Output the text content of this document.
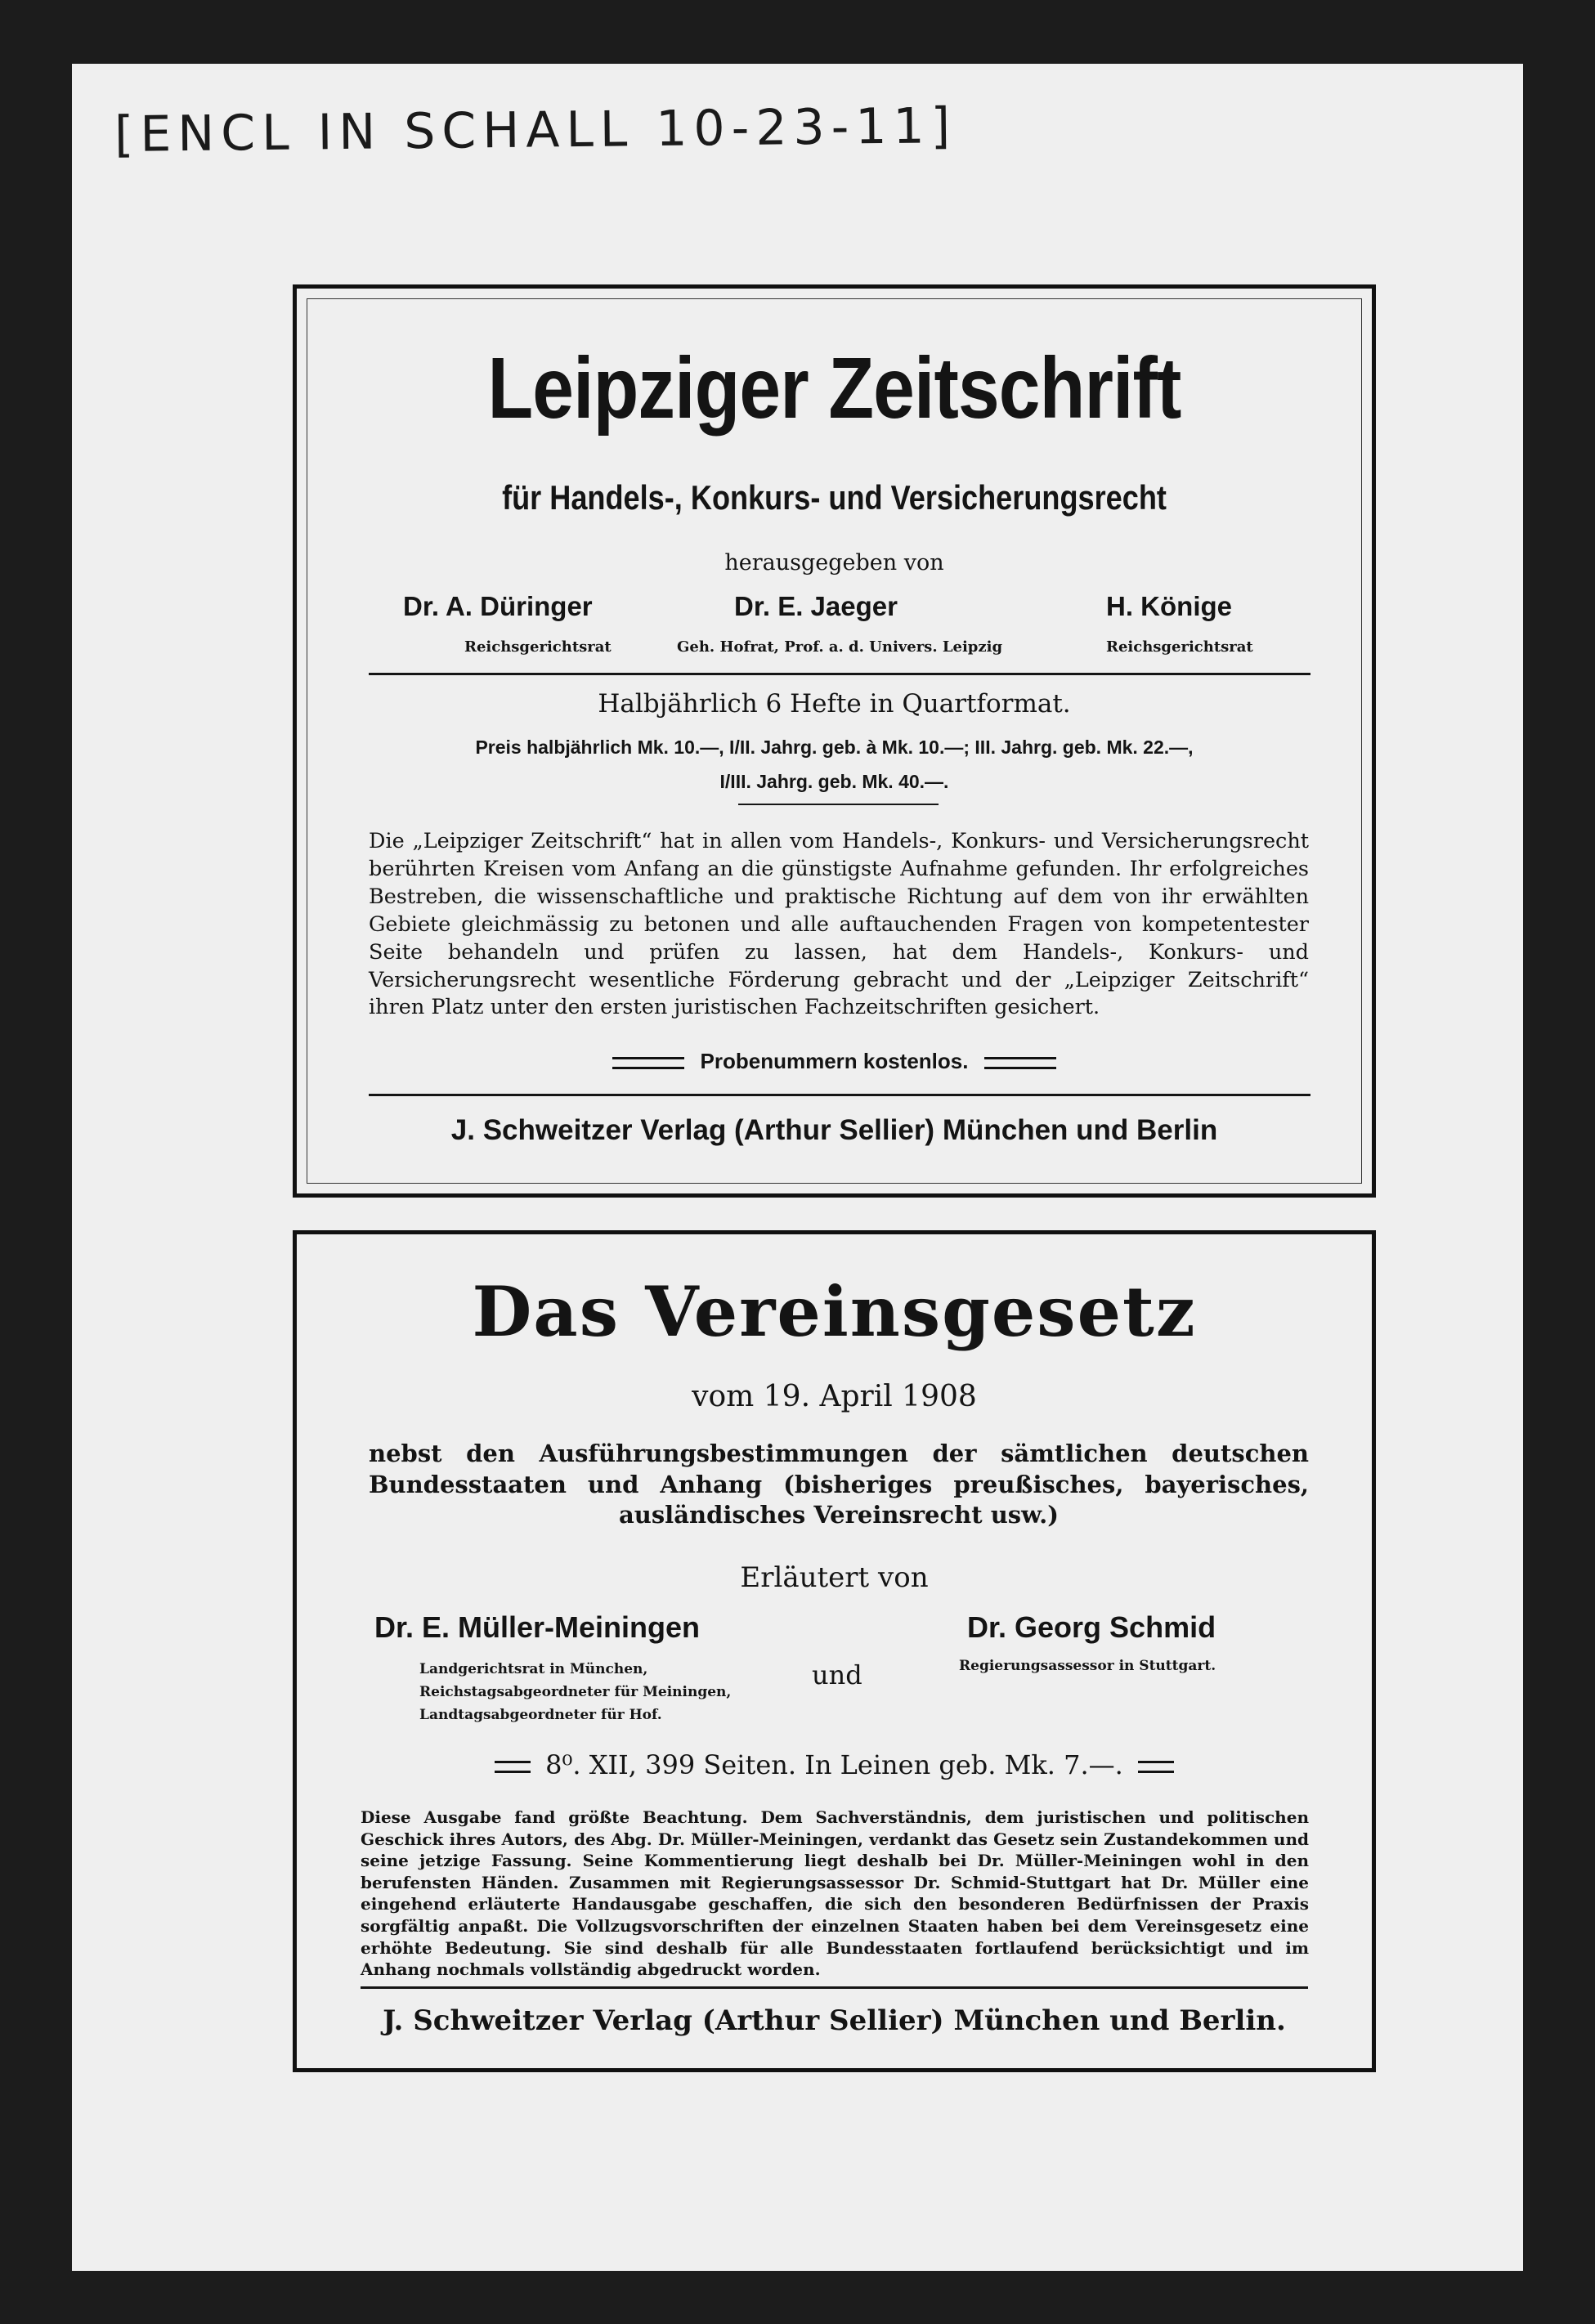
[ENCL IN SCHALL 10-23-11]
Leipziger Zeitschrift
für Handels-, Konkurs- und Versicherungsrecht
herausgegeben von
Dr. A. Düringer
Reichsgerichtsrat
Dr. E. Jaeger
Geh. Hofrat, Prof. a. d. Univers. Leipzig
H. Könige
Reichsgerichtsrat
Halbjährlich 6 Hefte in Quartformat.
Preis halbjährlich Mk. 10.—, I/II. Jahrg. geb. à Mk. 10.—; III. Jahrg. geb. Mk. 22.—,
I/III. Jahrg. geb. Mk. 40.—.
Die „Leipziger Zeitschrift“ hat in allen vom Handels-, Konkurs- und Versicherungsrecht berührten Kreisen vom Anfang an die günstigste Aufnahme gefunden. Ihr erfolgreiches Bestreben, die wissenschaftliche und praktische Richtung auf dem von ihr erwählten Gebiete gleichmässig zu betonen und alle auftauchenden Fragen von kompetentester Seite behandeln und prüfen zu lassen, hat dem Handels-, Konkurs- und Versicherungsrecht wesentliche Förderung gebracht und der „Leipziger Zeitschrift“ ihren Platz unter den ersten juristischen Fachzeitschriften gesichert.
Probenummern kostenlos.
J. Schweitzer Verlag (Arthur Sellier) München und Berlin
Das Vereinsgesetz
vom 19. April 1908
nebst den Ausführungsbestimmungen der sämtlichen deutschen Bundesstaaten und Anhang (bisheriges preußisches, bayerisches, ausländisches Vereinsrecht usw.)
Erläutert von
Dr. E. Müller-Meiningen
Landgerichtsrat in München,
Reichstagsabgeordneter für Meiningen,
Landtagsabgeordneter für Hof.
und
Dr. Georg Schmid
Regierungsassessor in Stuttgart.
8⁰. XII, 399 Seiten. In Leinen geb. Mk. 7.—.
Diese Ausgabe fand größte Beachtung. Dem Sachverständnis, dem juristischen und politischen Geschick ihres Autors, des Abg. Dr. Müller-Meiningen, verdankt das Gesetz sein Zustandekommen und seine jetzige Fassung. Seine Kommentierung liegt deshalb bei Dr. Müller-Meiningen wohl in den berufensten Händen. Zusammen mit Regierungsassessor Dr. Schmid-Stuttgart hat Dr. Müller eine eingehend erläuterte Handausgabe geschaffen, die sich den besonderen Bedürfnissen der Praxis sorgfältig anpaßt. Die Vollzugsvorschriften der einzelnen Staaten haben bei dem Vereinsgesetz eine erhöhte Bedeutung. Sie sind deshalb für alle Bundesstaaten fortlaufend berücksichtigt und im Anhang nochmals vollständig abgedruckt worden.
J. Schweitzer Verlag (Arthur Sellier) München und Berlin.
